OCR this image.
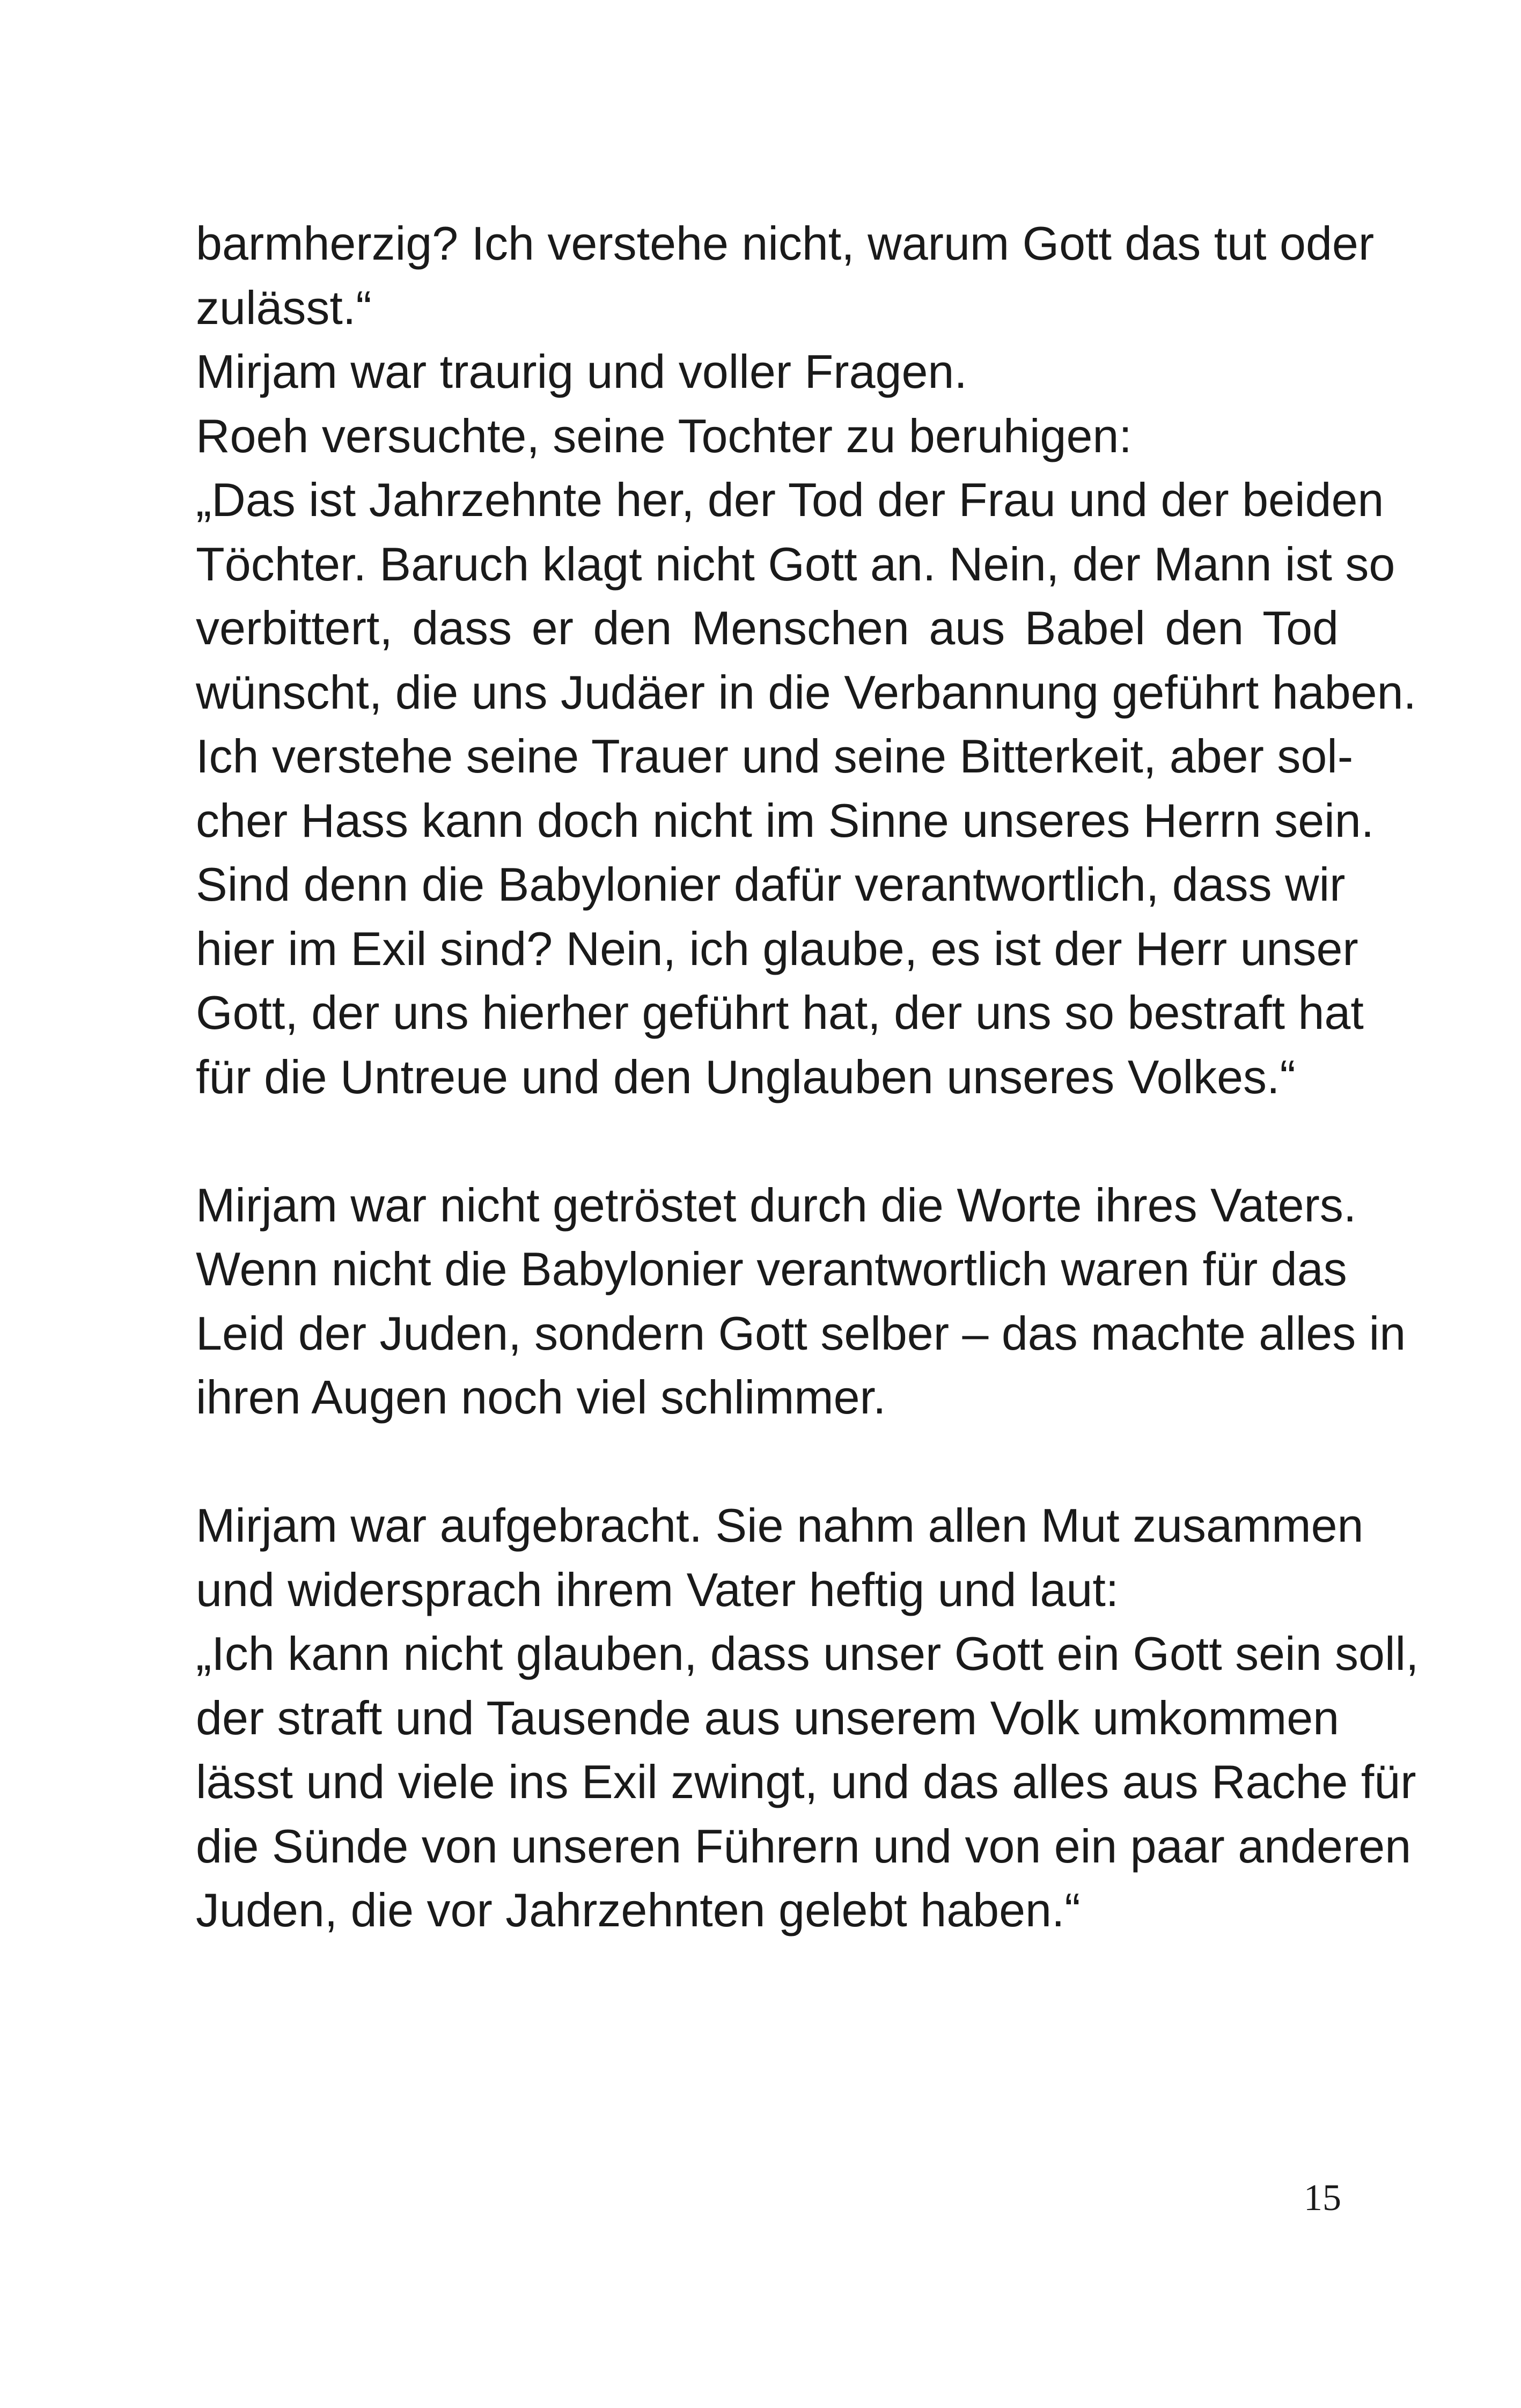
barmherzig? Ich verstehe nicht, warum Gott das tut oder
zulässt.“
Mirjam war traurig und voller Fragen.
Roeh versuchte, seine Tochter zu beruhigen:
„Das ist Jahrzehnte her, der Tod der Frau und der beiden
Töchter. Baruch klagt nicht Gott an. Nein, der Mann ist so
verbittert, dass er den Menschen aus Babel den Tod
wünscht, die uns Judäer in die Verbannung geführt haben.
Ich verstehe seine Trauer und seine Bitterkeit, aber sol-
cher Hass kann doch nicht im Sinne unseres Herrn sein.
Sind denn die Babylonier dafür verantwortlich, dass wir
hier im Exil sind? Nein, ich glaube, es ist der Herr unser
Gott, der uns hierher geführt hat, der uns so bestraft hat
für die Untreue und den Unglauben unseres Volkes.“
Mirjam war nicht getröstet durch die Worte ihres Vaters.
Wenn nicht die Babylonier verantwortlich waren für das
Leid der Juden, sondern Gott selber – das machte alles in
ihren Augen noch viel schlimmer.
Mirjam war aufgebracht. Sie nahm allen Mut zusammen
und widersprach ihrem Vater heftig und laut:
„Ich kann nicht glauben, dass unser Gott ein Gott sein soll,
der straft und Tausende aus unserem Volk umkommen
lässt und viele ins Exil zwingt, und das alles aus Rache für
die Sünde von unseren Führern und von ein paar anderen
Juden, die vor Jahrzehnten gelebt haben.“
15
